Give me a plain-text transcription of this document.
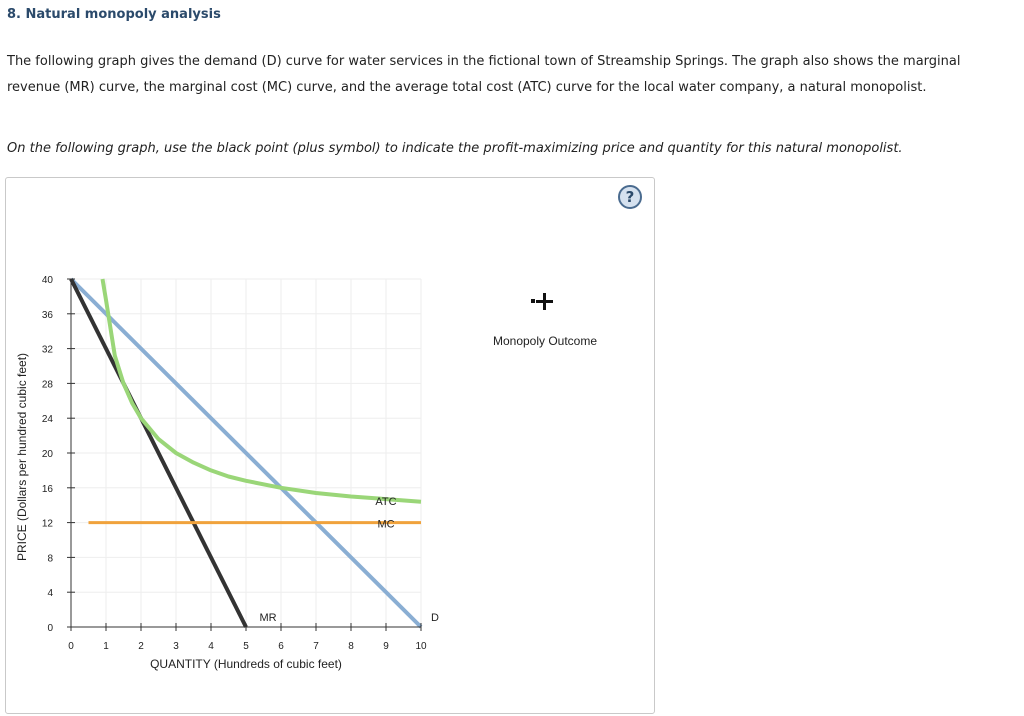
8. Natural monopoly analysis

The following graph gives the demand (D) curve for water services in the fictional town of Streamship Springs. The graph also shows the marginal revenue (MR) curve, the marginal cost (MC) curve, and the average total cost (ATC) curve for the local water company, a natural monopolist.

On the following graph, use the black point (plus symbol) to indicate the profit-maximizing price and quantity for this natural monopolist.

?
0	1	2	3	4	5	6	7	8	9	10
0
4
8
12
16
20
24
28
32
36
40
D
MR
MC
ATC
QUANTITY (Hundreds of cubic feet)
PRICE (Dollars per hundred cubic feet)
Monopoly Outcome
